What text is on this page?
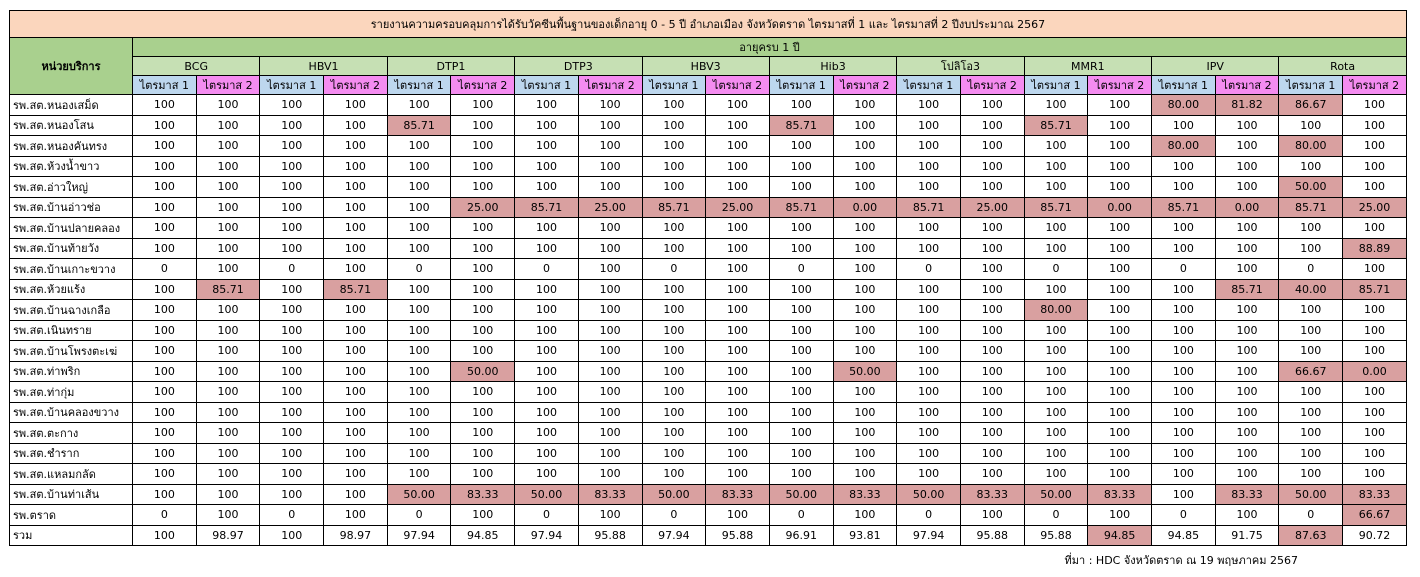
รายงานความครอบคลุมการได้รับวัคซีนพื้นฐานของเด็กอายุ 0 - 5 ปี อำเภอเมือง จังหวัดตราด ไตรมาสที่ 1 และ ไตรมาสที่ 2 ปีงบประมาณ 2567																				
หน่วยบริการ	อายุครบ 1 ปี																			
	BCG		HBV1		DTP1		DTP3		HBV3		Hib3		โปลิโอ3		MMR1		IPV		Rota	
	ไตรมาส 1	ไตรมาส 2	ไตรมาส 1	ไตรมาส 2	ไตรมาส 1	ไตรมาส 2	ไตรมาส 1	ไตรมาส 2	ไตรมาส 1	ไตรมาส 2	ไตรมาส 1	ไตรมาส 2	ไตรมาส 1	ไตรมาส 2	ไตรมาส 1	ไตรมาส 2	ไตรมาส 1	ไตรมาส 2	ไตรมาส 1	ไตรมาส 2
รพ.สต.หนองเสม็ด	100	100	100	100	100	100	100	100	100	100	100	100	100	100	100	100	80.00	81.82	86.67	100
รพ.สต.หนองโสน	100	100	100	100	85.71	100	100	100	100	100	85.71	100	100	100	85.71	100	100	100	100	100
รพ.สต.หนองคันทรง	100	100	100	100	100	100	100	100	100	100	100	100	100	100	100	100	80.00	100	80.00	100
รพ.สต.ห้วงน้ำขาว	100	100	100	100	100	100	100	100	100	100	100	100	100	100	100	100	100	100	100	100
รพ.สต.อ่าวใหญ่	100	100	100	100	100	100	100	100	100	100	100	100	100	100	100	100	100	100	50.00	100
รพ.สต.บ้านอ่าวช่อ	100	100	100	100	100	25.00	85.71	25.00	85.71	25.00	85.71	0.00	85.71	25.00	85.71	0.00	85.71	0.00	85.71	25.00
รพ.สต.บ้านปลายคลอง	100	100	100	100	100	100	100	100	100	100	100	100	100	100	100	100	100	100	100	100
รพ.สต.บ้านท้ายวัง	100	100	100	100	100	100	100	100	100	100	100	100	100	100	100	100	100	100	100	88.89
รพ.สต.บ้านเกาะขวาง	0	100	0	100	0	100	0	100	0	100	0	100	0	100	0	100	0	100	0	100
รพ.สต.ห้วยแร้ง	100	85.71	100	85.71	100	100	100	100	100	100	100	100	100	100	100	100	100	85.71	40.00	85.71
รพ.สต.บ้านฉางเกลือ	100	100	100	100	100	100	100	100	100	100	100	100	100	100	80.00	100	100	100	100	100
รพ.สต.เนินทราย	100	100	100	100	100	100	100	100	100	100	100	100	100	100	100	100	100	100	100	100
รพ.สต.บ้านโพรงตะเฆ่	100	100	100	100	100	100	100	100	100	100	100	100	100	100	100	100	100	100	100	100
รพ.สต.ท่าพริก	100	100	100	100	100	50.00	100	100	100	100	100	50.00	100	100	100	100	100	100	66.67	0.00
รพ.สต.ท่ากุ่ม	100	100	100	100	100	100	100	100	100	100	100	100	100	100	100	100	100	100	100	100
รพ.สต.บ้านคลองขวาง	100	100	100	100	100	100	100	100	100	100	100	100	100	100	100	100	100	100	100	100
รพ.สต.ตะกาง	100	100	100	100	100	100	100	100	100	100	100	100	100	100	100	100	100	100	100	100
รพ.สต.ชำราก	100	100	100	100	100	100	100	100	100	100	100	100	100	100	100	100	100	100	100	100
รพ.สต.แหลมกลัด	100	100	100	100	100	100	100	100	100	100	100	100	100	100	100	100	100	100	100	100
รพ.สต.บ้านท่าเส้น	100	100	100	100	50.00	83.33	50.00	83.33	50.00	83.33	50.00	83.33	50.00	83.33	50.00	83.33	100	83.33	50.00	83.33
รพ.ตราด	0	100	0	100	0	100	0	100	0	100	0	100	0	100	0	100	0	100	0	66.67
รวม	100	98.97	100	98.97	97.94	94.85	97.94	95.88	97.94	95.88	96.91	93.81	97.94	95.88	95.88	94.85	94.85	91.75	87.63	90.72
ที่มา : HDC จังหวัดตราด ณ 19 พฤษภาคม 2567
